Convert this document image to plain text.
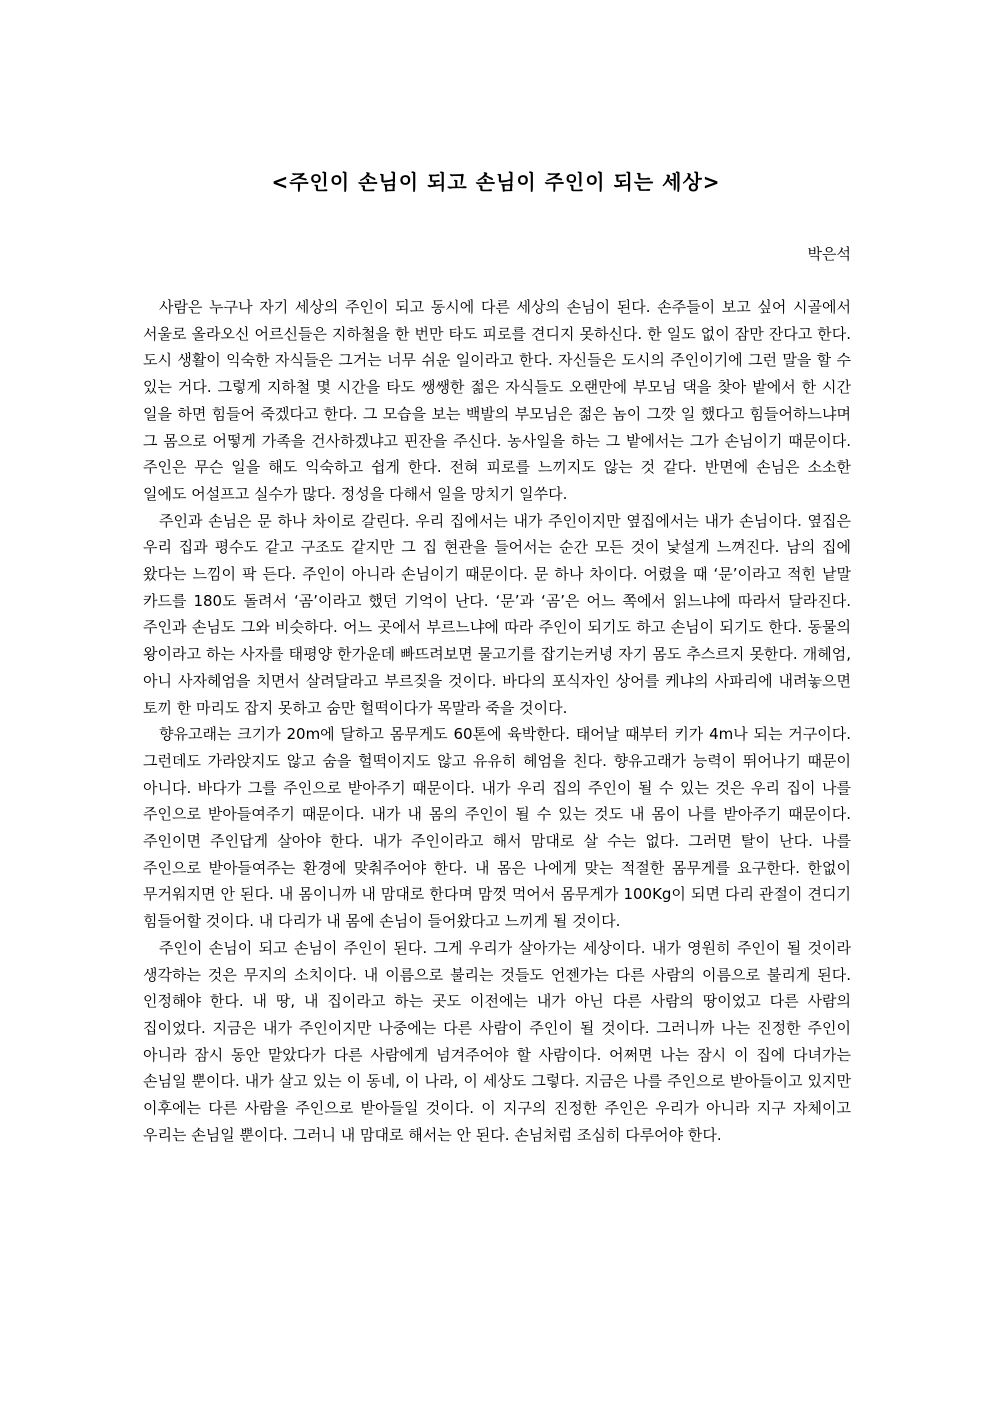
<주인이 손님이 되고 손님이 주인이 되는 세상>
박은석

사람은 누구나 자기 세상의 주인이 되고 동시에 다른 세상의 손님이 된다. 손주들이 보고 싶어 시골에서 서울로 올라오신 어르신들은 지하철을 한 번만 타도 피로를 견디지 못하신다. 한 일도 없이 잠만 잔다고 한다. 도시 생활이 익숙한 자식들은 그거는 너무 쉬운 일이라고 한다. 자신들은 도시의 주인이기에 그런 말을 할 수 있는 거다. 그렇게 지하철 몇 시간을 타도 쌩쌩한 젊은 자식들도 오랜만에 부모님 댁을 찾아 밭에서 한 시간 일을 하면 힘들어 죽겠다고 한다. 그 모습을 보는 백발의 부모님은 젊은 놈이 그깟 일 했다고 힘들어하느냐며 그 몸으로 어떻게 가족을 건사하겠냐고 핀잔을 주신다. 농사일을 하는 그 밭에서는 그가 손님이기 때문이다. 주인은 무슨 일을 해도 익숙하고 쉽게 한다. 전혀 피로를 느끼지도 않는 것 같다. 반면에 손님은 소소한 일에도 어설프고 실수가 많다. 정성을 다해서 일을 망치기 일쑤다.

주인과 손님은 문 하나 차이로 갈린다. 우리 집에서는 내가 주인이지만 옆집에서는 내가 손님이다. 옆집은 우리 집과 평수도 같고 구조도 같지만 그 집 현관을 들어서는 순간 모든 것이 낯설게 느껴진다. 남의 집에 왔다는 느낌이 팍 든다. 주인이 아니라 손님이기 때문이다. 문 하나 차이다. 어렸을 때 ‘문’이라고 적힌 낱말 카드를 180도 돌려서 ‘곰’이라고 했던 기억이 난다. ‘문’과 ‘곰’은 어느 쪽에서 읽느냐에 따라서 달라진다. 주인과 손님도 그와 비슷하다. 어느 곳에서 부르느냐에 따라 주인이 되기도 하고 손님이 되기도 한다. 동물의 왕이라고 하는 사자를 태평양 한가운데 빠뜨려보면 물고기를 잡기는커녕 자기 몸도 추스르지 못한다. 개헤엄, 아니 사자헤엄을 치면서 살려달라고 부르짖을 것이다. 바다의 포식자인 상어를 케냐의 사파리에 내려놓으면 토끼 한 마리도 잡지 못하고 숨만 헐떡이다가 목말라 죽을 것이다.

향유고래는 크기가 20m에 달하고 몸무게도 60톤에 육박한다. 태어날 때부터 키가 4m나 되는 거구이다. 그런데도 가라앉지도 않고 숨을 헐떡이지도 않고 유유히 헤엄을 친다. 향유고래가 능력이 뛰어나기 때문이 아니다. 바다가 그를 주인으로 받아주기 때문이다. 내가 우리 집의 주인이 될 수 있는 것은 우리 집이 나를 주인으로 받아들여주기 때문이다. 내가 내 몸의 주인이 될 수 있는 것도 내 몸이 나를 받아주기 때문이다. 주인이면 주인답게 살아야 한다. 내가 주인이라고 해서 맘대로 살 수는 없다. 그러면 탈이 난다. 나를 주인으로 받아들여주는 환경에 맞춰주어야 한다. 내 몸은 나에게 맞는 적절한 몸무게를 요구한다. 한없이 무거워지면 안 된다. 내 몸이니까 내 맘대로 한다며 맘껏 먹어서 몸무게가 100Kg이 되면 다리 관절이 견디기 힘들어할 것이다. 내 다리가 내 몸에 손님이 들어왔다고 느끼게 될 것이다.

주인이 손님이 되고 손님이 주인이 된다. 그게 우리가 살아가는 세상이다. 내가 영원히 주인이 될 것이라 생각하는 것은 무지의 소치이다. 내 이름으로 불리는 것들도 언젠가는 다른 사람의 이름으로 불리게 된다. 인정해야 한다. 내 땅, 내 집이라고 하는 곳도 이전에는 내가 아닌 다른 사람의 땅이었고 다른 사람의 집이었다. 지금은 내가 주인이지만 나중에는 다른 사람이 주인이 될 것이다. 그러니까 나는 진정한 주인이 아니라 잠시 동안 맡았다가 다른 사람에게 넘겨주어야 할 사람이다. 어쩌면 나는 잠시 이 집에 다녀가는 손님일 뿐이다. 내가 살고 있는 이 동네, 이 나라, 이 세상도 그렇다. 지금은 나를 주인으로 받아들이고 있지만 이후에는 다른 사람을 주인으로 받아들일 것이다. 이 지구의 진정한 주인은 우리가 아니라 지구 자체이고 우리는 손님일 뿐이다. 그러니 내 맘대로 해서는 안 된다. 손님처럼 조심히 다루어야 한다.
